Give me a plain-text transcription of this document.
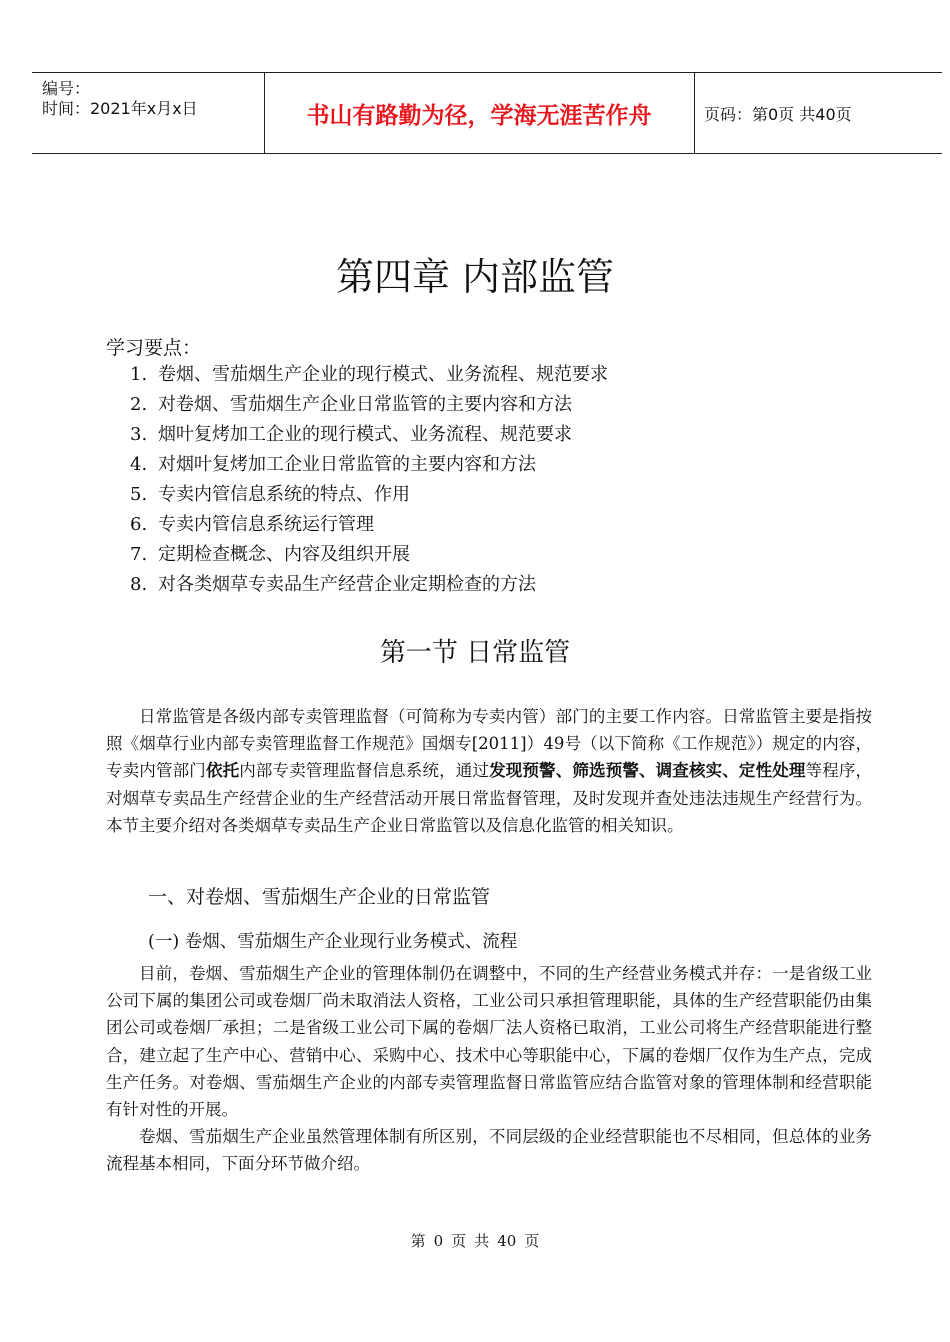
编号：
时间：2021年x月x日	书山有路勤为径，学海无涯苦作舟	页码：第0页 共40页
第四章 内部监管
学习要点：
1. 卷烟、雪茄烟生产企业的现行模式、业务流程、规范要求
2. 对卷烟、雪茄烟生产企业日常监管的主要内容和方法
3. 烟叶复烤加工企业的现行模式、业务流程、规范要求
4. 对烟叶复烤加工企业日常监管的主要内容和方法
5. 专卖内管信息系统的特点、作用
6. 专卖内管信息系统运行管理
7. 定期检查概念、内容及组织开展
8. 对各类烟草专卖品生产经营企业定期检查的方法
第一节 日常监管

日常监管是各级内部专卖管理监督（可简称为专卖内管）部门的主要工作内容。日常监管主要是指按照《烟草行业内部专卖管理监督工作规范》国烟专[2011]）49号（以下简称《工作规范》）规定的内容，专卖内管部门依托内部专卖管理监督信息系统，通过发现预警、筛选预警、调查核实、定性处理等程序，对烟草专卖品生产经营企业的生产经营活动开展日常监督管理，及时发现并查处违法违规生产经营行为。本节主要介绍对各类烟草专卖品生产企业日常监管以及信息化监管的相关知识。

一、对卷烟、雪茄烟生产企业的日常监管
(一) 卷烟、雪茄烟生产企业现行业务模式、流程

目前，卷烟、雪茄烟生产企业的管理体制仍在调整中，不同的生产经营业务模式并存：一是省级工业公司下属的集团公司或卷烟厂尚未取消法人资格，工业公司只承担管理职能，具体的生产经营职能仍由集团公司或卷烟厂承担；二是省级工业公司下属的卷烟厂法人资格已取消，工业公司将生产经营职能进行整合，建立起了生产中心、营销中心、采购中心、技术中心等职能中心，下属的卷烟厂仅作为生产点，完成生产任务。对卷烟、雪茄烟生产企业的内部专卖管理监督日常监管应结合监管对象的管理体制和经营职能有针对性的开展。

卷烟、雪茄烟生产企业虽然管理体制有所区别，不同层级的企业经营职能也不尽相同，但总体的业务流程基本相同，下面分环节做介绍。

第 0 页 共 40 页
